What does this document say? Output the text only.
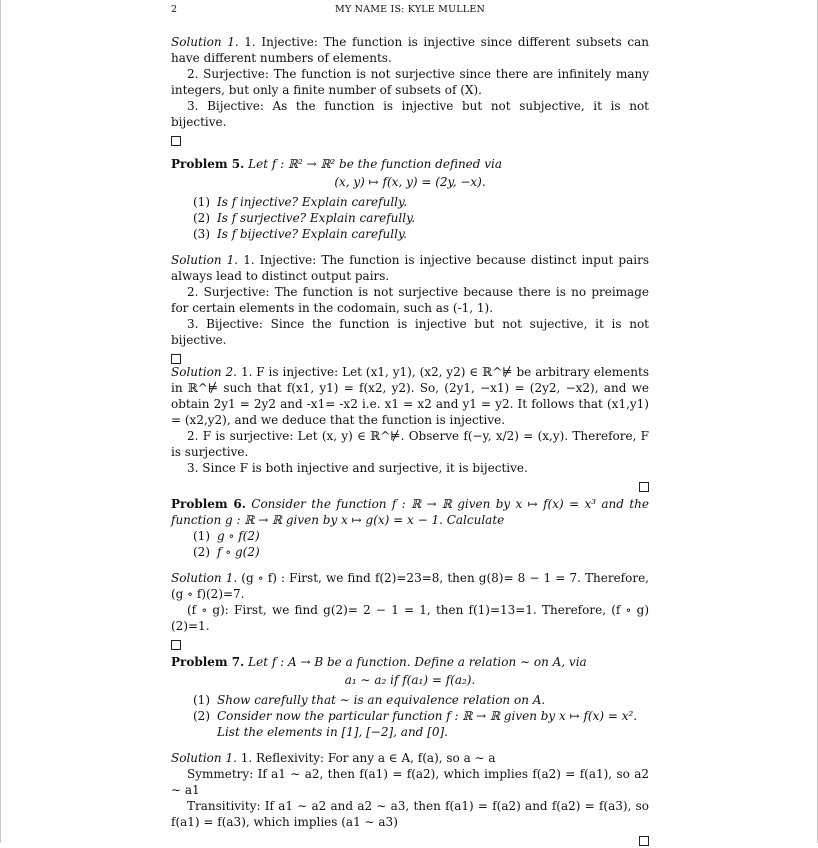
2	MY NAME IS: KYLE MULLEN

Solution 1. 1. Injective: The function is injective since different subsets can have different numbers of elements.

2. Surjective: The function is not surjective since there are infinitely many integers, but only a finite number of subsets of (X).

3. Bijective: As the function is injective but not subjective, it is not bijective.

Problem 5. Let f : ℝ² → ℝ² be the function defined via

(x, y) ↦ f(x, y) = (2y, −x).
(1) Is f injective? Explain carefully.
(2) Is f surjective? Explain carefully.
(3) Is f bijective? Explain carefully.

Solution 1. 1. Injective: The function is injective because distinct input pairs always lead to distinct output pairs.

2. Surjective: The function is not surjective because there is no preimage for certain elements in the codomain, such as (-1, 1).

3. Bijective: Since the function is injective but not sujective, it is not bijective.

Solution 2. 1. F is injective: Let (x1, y1), (x2, y2) ∈ ℝ^⊭ be arbitrary elements in ℝ^⊭ such that f(x1, y1) = f(x2, y2). So, (2y1, −x1) = (2y2, −x2), and we obtain 2y1 = 2y2 and -x1= -x2 i.e. x1 = x2 and y1 = y2. It follows that (x1,y1) = (x2,y2), and we deduce that the function is injective.

2. F is surjective: Let (x, y) ∈ ℝ^⊭. Observe f(−y, x/2) = (x,y). Therefore, F is surjective.

3. Since F is both injective and surjective, it is bijective.

Problem 6. Consider the function f : ℝ → ℝ given by x ↦ f(x) = x³ and the function g : ℝ → ℝ given by x ↦ g(x) = x − 1. Calculate

(1) g ∘ f(2)
(2) f ∘ g(2)

Solution 1. (g ∘ f) : First, we find f(2)=23=8, then g(8)= 8 − 1 = 7. Therefore, (g ∘ f)(2)=7.

(f ∘ g): First, we find g(2)= 2 − 1 = 1, then f(1)=13=1. Therefore, (f ∘ g)(2)=1.

Problem 7. Let f : A → B be a function. Define a relation ∼ on A, via

a₁ ∼ a₂ if f(a₁) = f(a₂).
(1) Show carefully that ∼ is an equivalence relation on A.
(2) Consider now the particular function f : ℝ → ℝ given by x ↦ f(x) = x².
List the elements in [1], [−2], and [0].

Solution 1. 1. Reflexivity: For any a ∈ A, f(a), so a ∼ a

Symmetry: If a1 ∼ a2, then f(a1) = f(a2), which implies f(a2) = f(a1), so a2 ∼ a1

Transitivity: If a1 ∼ a2 and a2 ∼ a3, then f(a1) = f(a2) and f(a2) = f(a3), so f(a1) = f(a3), which implies (a1 ∼ a3)
